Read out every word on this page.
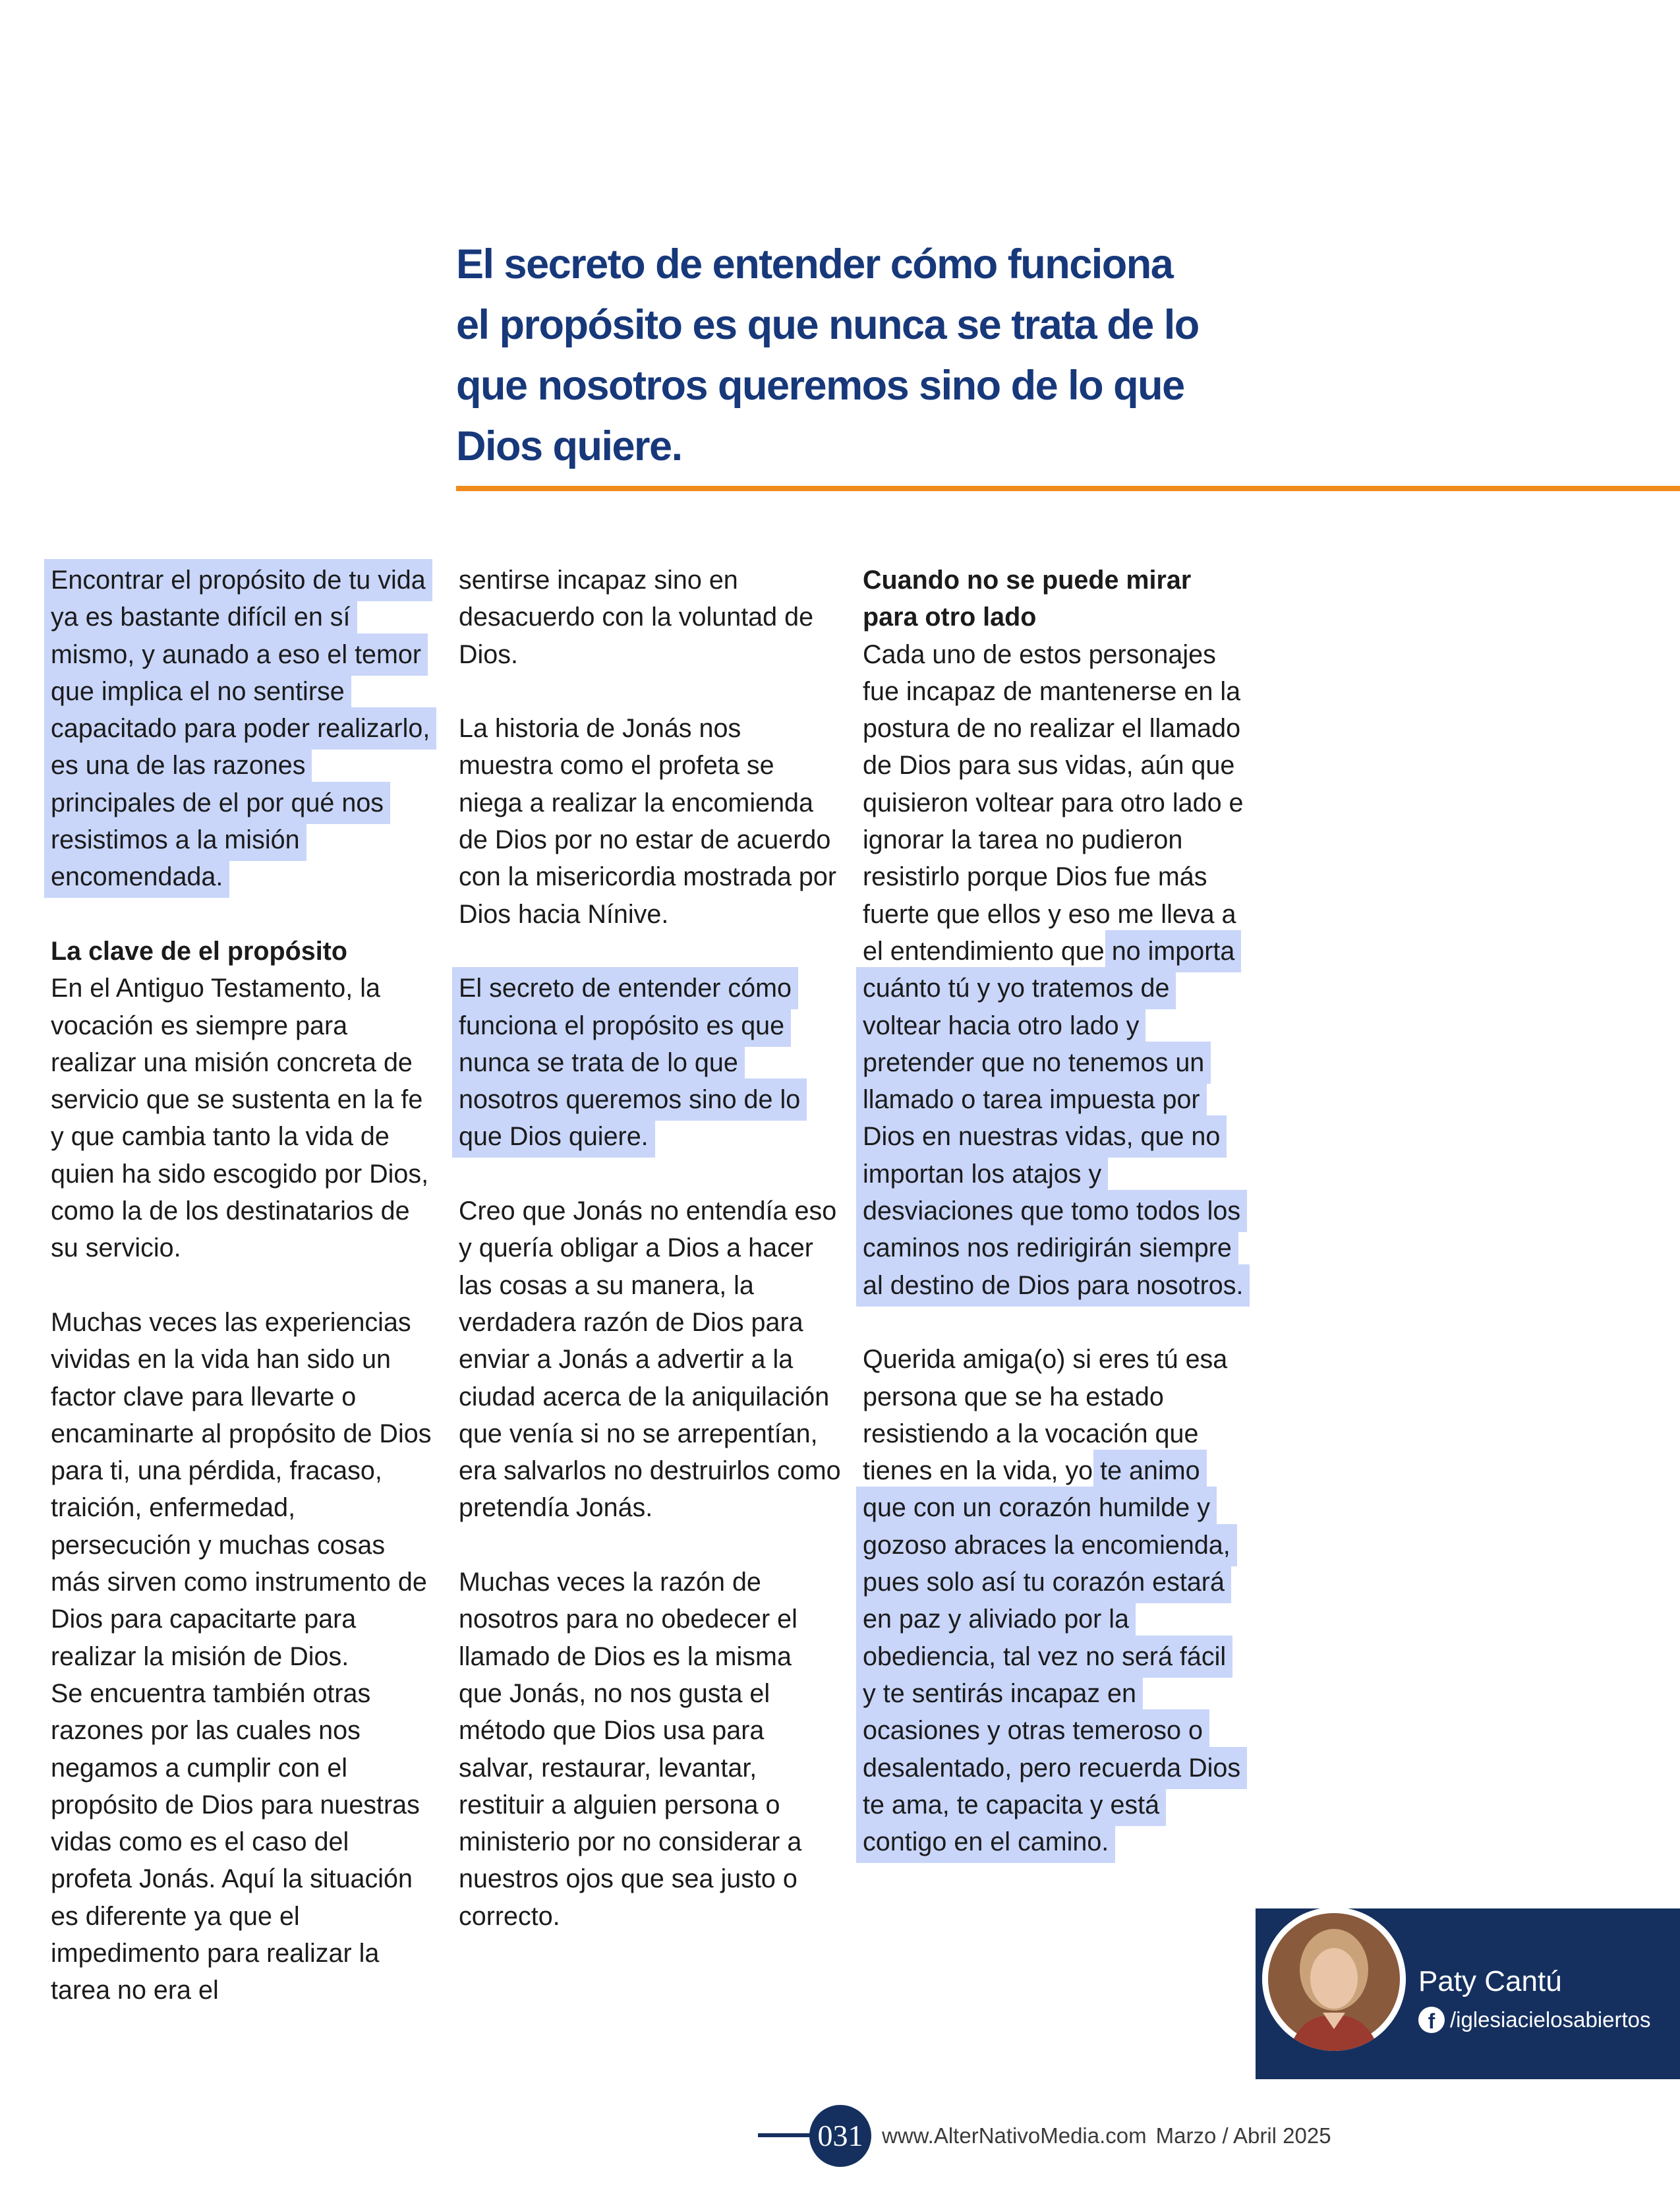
El secreto de entender cómo funciona el propósito es que nunca se trata de lo que nosotros queremos sino de lo que Dios quiere.

Encontrar el propósito de tu vida ya es bastante difícil en sí mismo, y aunado a eso el temor que implica el no sentirse capacitado para poder realizarlo, es una de las razones principales de el por qué nos resistimos a la misión encomendada.

La clave de el propósito

En el Antiguo Testamento, la vocación es siempre para realizar una misión concreta de servicio que se sustenta en la fe y que cambia tanto la vida de quien ha sido escogido por Dios, como la de los destinatarios de su servicio.

Muchas veces las experiencias vividas en la vida han sido un factor clave para llevarte o encaminarte al propósito de Dios para ti, una pérdida, fracaso, traición, enfermedad, persecución y muchas cosas más sirven como instrumento de Dios para capacitarte para realizar la misión de Dios.

Se encuentra también otras razones por las cuales nos negamos a cumplir con el propósito de Dios para nuestras vidas como es el caso del profeta Jonás. Aquí la situación es diferente ya que el impedimento para realizar la tarea no era el

sentirse incapaz sino en desacuerdo con la voluntad de Dios.

La historia de Jonás nos muestra como el profeta se niega a realizar la encomienda de Dios por no estar de acuerdo con la misericordia mostrada por Dios hacia Nínive.

El secreto de entender cómo funciona el propósito es que nunca se trata de lo que nosotros queremos sino de lo que Dios quiere.

Creo que Jonás no entendía eso y quería obligar a Dios a hacer las cosas a su manera, la verdadera razón de Dios para enviar a Jonás a advertir a la ciudad acerca de la aniquilación que venía si no se arrepentían, era salvarlos no destruirlos como pretendía Jonás.

Muchas veces la razón de nosotros para no obedecer el llamado de Dios es la misma que Jonás, no nos gusta el método que Dios usa para salvar, restaurar, levantar, restituir a alguien persona o ministerio por no considerar a nuestros ojos que sea justo o correcto.

Cuando no se puede mirar para otro lado

Cada uno de estos personajes fue incapaz de mantenerse en la postura de no realizar el llamado de Dios para sus vidas, aún que quisieron voltear para otro lado e ignorar la tarea no pudieron resistirlo porque Dios fue más fuerte que ellos y eso me lleva a el entendimiento que no importa cuánto tú y yo tratemos de voltear hacia otro lado y pretender que no tenemos un llamado o tarea impuesta por Dios en nuestras vidas, que no importan los atajos y desviaciones que tomo todos los caminos nos redirigirán siempre al destino de Dios para nosotros.

Querida amiga(o) si eres tú esa persona que se ha estado resistiendo a la vocación que tienes en la vida, yo te animo que con un corazón humilde y gozoso abraces la encomienda, pues solo así tu corazón estará en paz y aliviado por la obediencia, tal vez no será fácil y te sentirás incapaz en ocasiones y otras temeroso o desalentado, pero recuerda Dios te ama, te capacita y está contigo en el camino.

Paty Cantú

f /iglesiacielosabiertos
031 www.AlterNativoMedia.com Marzo / Abril 2025
